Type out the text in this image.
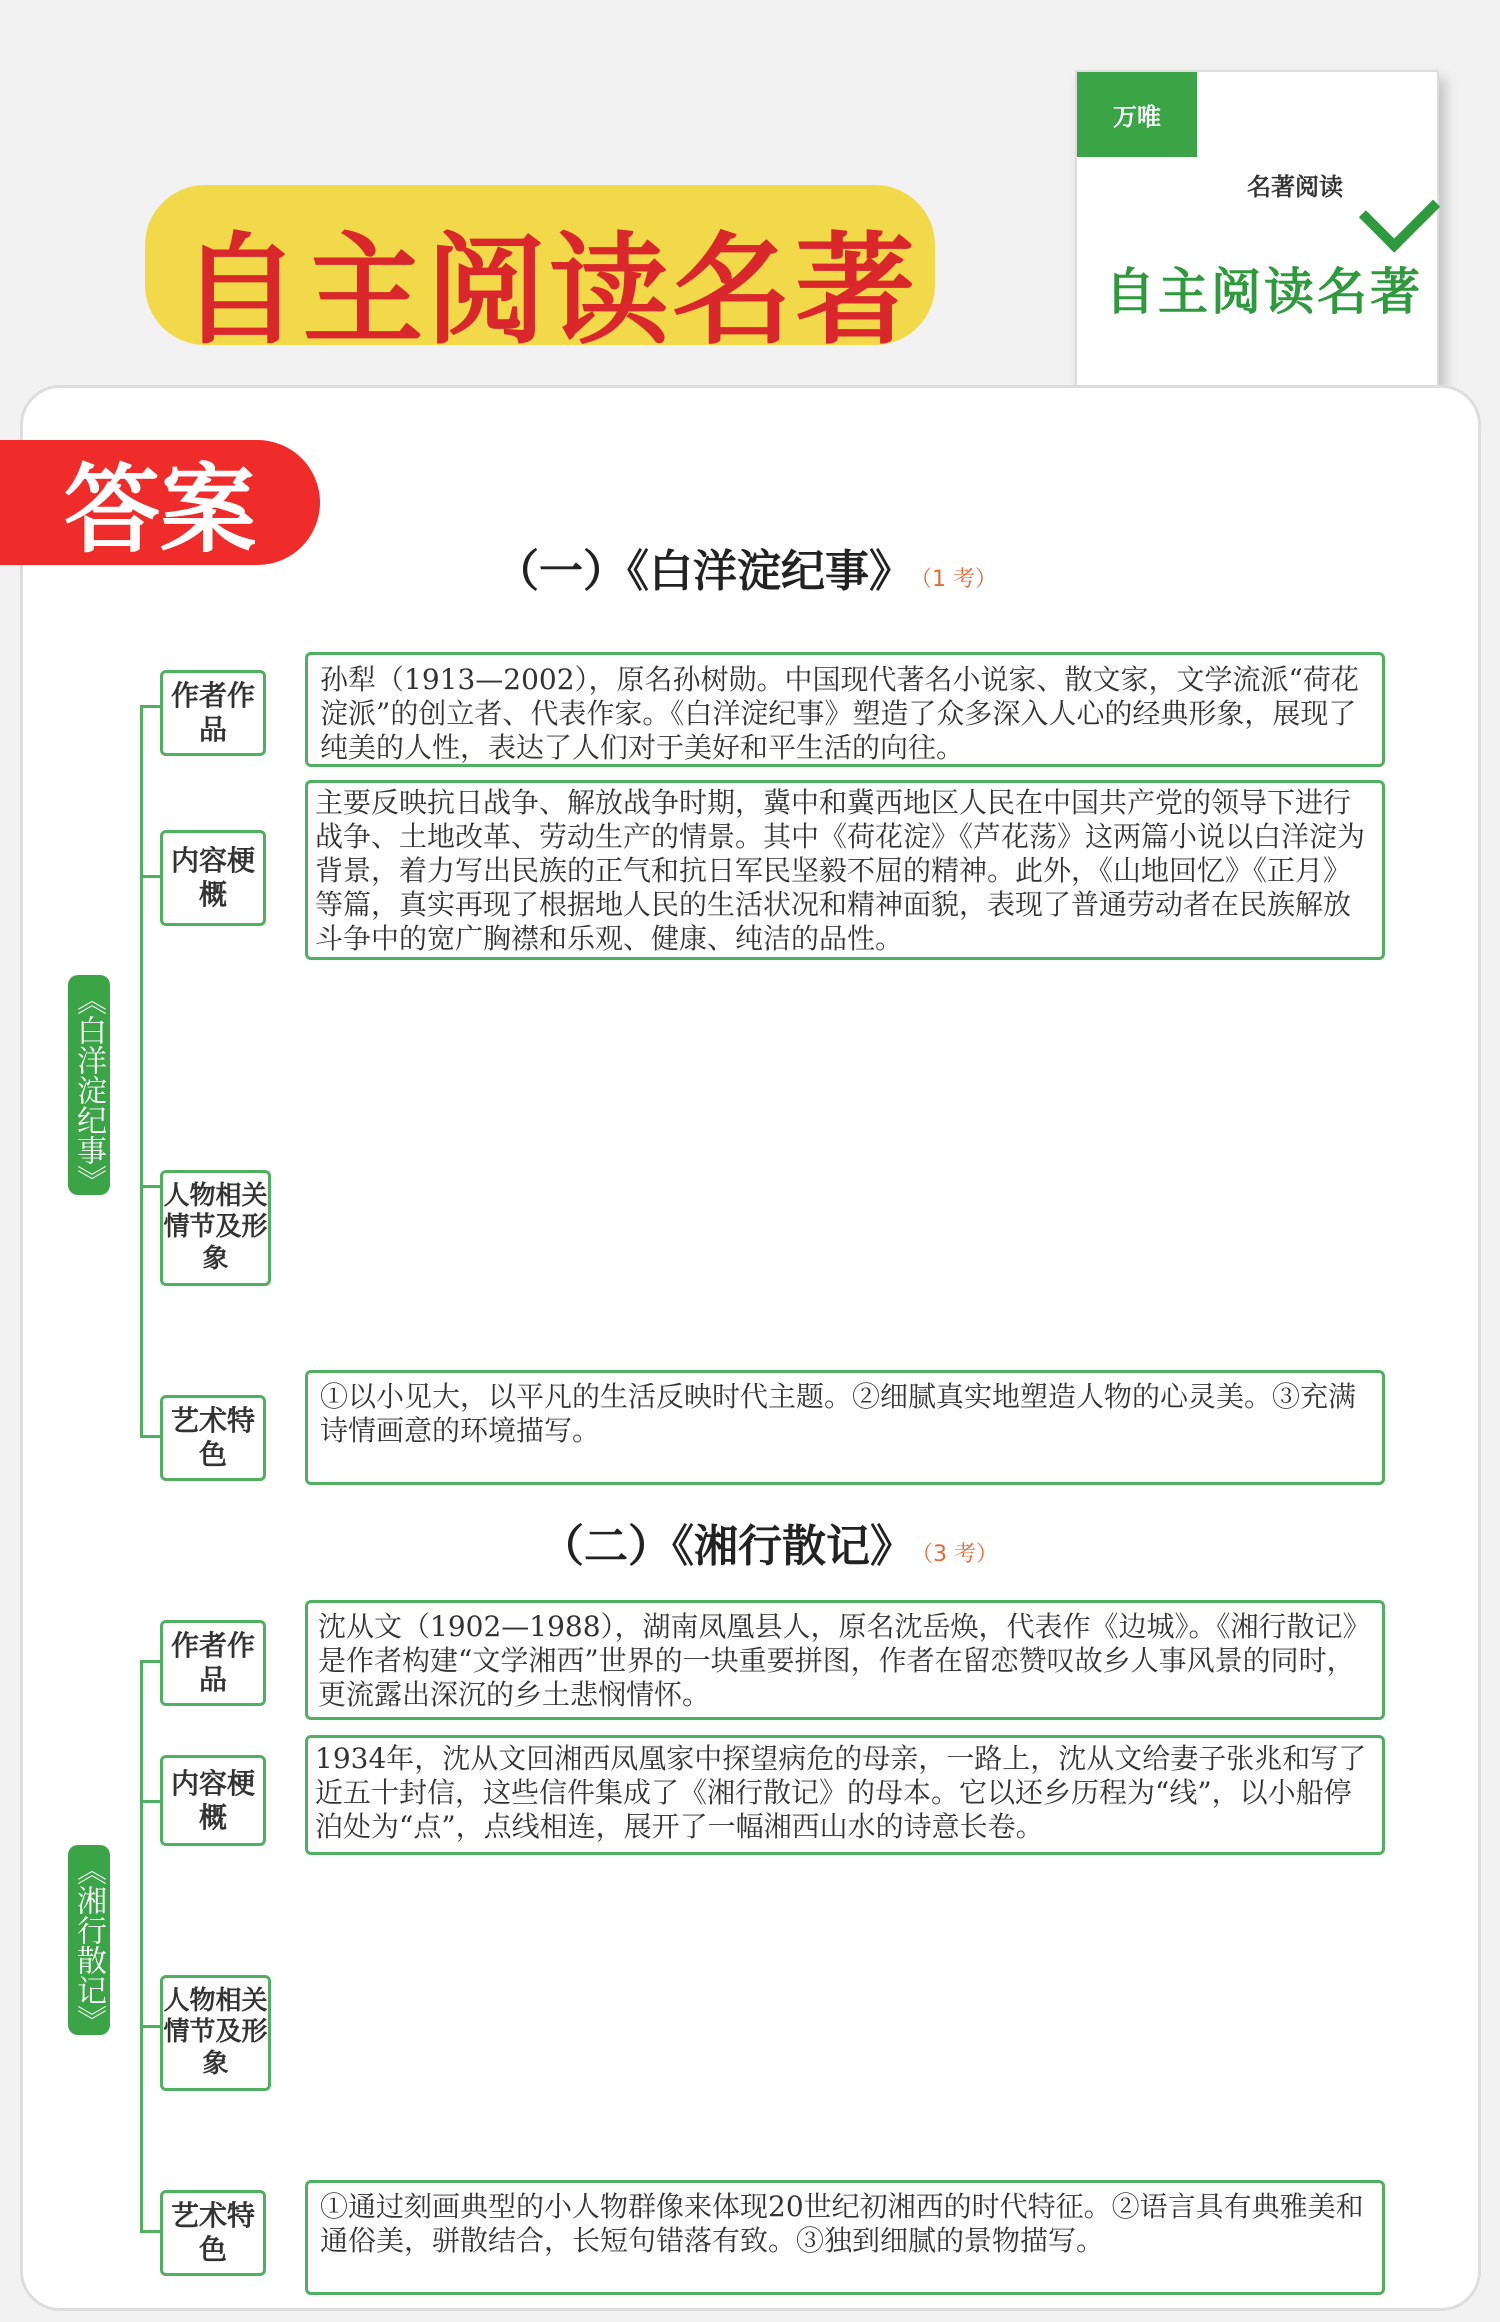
自主阅读名著
万唯
名著阅读
自主阅读名著
答案
（一）《白洋淀纪事》 （1 考）
《白洋淀纪事》
作者作品
孙犁（1913—2002），原名孙树勋。中国现代著名小说家、散文家，文学流派“荷花淀派”的创立者、代表作家。《白洋淀纪事》塑造了众多深入人心的经典形象，展现了纯美的人性，表达了人们对于美好和平生活的向往。
内容梗概
主要反映抗日战争、解放战争时期，冀中和冀西地区人民在中国共产党的领导下进行战争、土地改革、劳动生产的情景。其中《荷花淀》《芦花荡》这两篇小说以白洋淀为背景，着力写出民族的正气和抗日军民坚毅不屈的精神。此外，《山地回忆》《正月》等篇，真实再现了根据地人民的生活状况和精神面貌，表现了普通劳动者在民族解放斗争中的宽广胸襟和乐观、健康、纯洁的品性。
人物相关情节及形象
艺术特色
①以小见大，以平凡的生活反映时代主题。②细腻真实地塑造人物的心灵美。③充满诗情画意的环境描写。
（二）《湘行散记》 （3 考）
《湘行散记》
作者作品
沈从文（1902—1988），湖南凤凰县人，原名沈岳焕，代表作《边城》。《湘行散记》是作者构建“文学湘西”世界的一块重要拼图，作者在留恋赞叹故乡人事风景的同时，更流露出深沉的乡土悲悯情怀。
内容梗概
1934年，沈从文回湘西凤凰家中探望病危的母亲，一路上，沈从文给妻子张兆和写了近五十封信，这些信件集成了《湘行散记》的母本。它以还乡历程为“线”，以小船停泊处为“点”，点线相连，展开了一幅湘西山水的诗意长卷。
人物相关情节及形象
艺术特色
①通过刻画典型的小人物群像来体现20世纪初湘西的时代特征。②语言具有典雅美和通俗美，骈散结合，长短句错落有致。③独到细腻的景物描写。
